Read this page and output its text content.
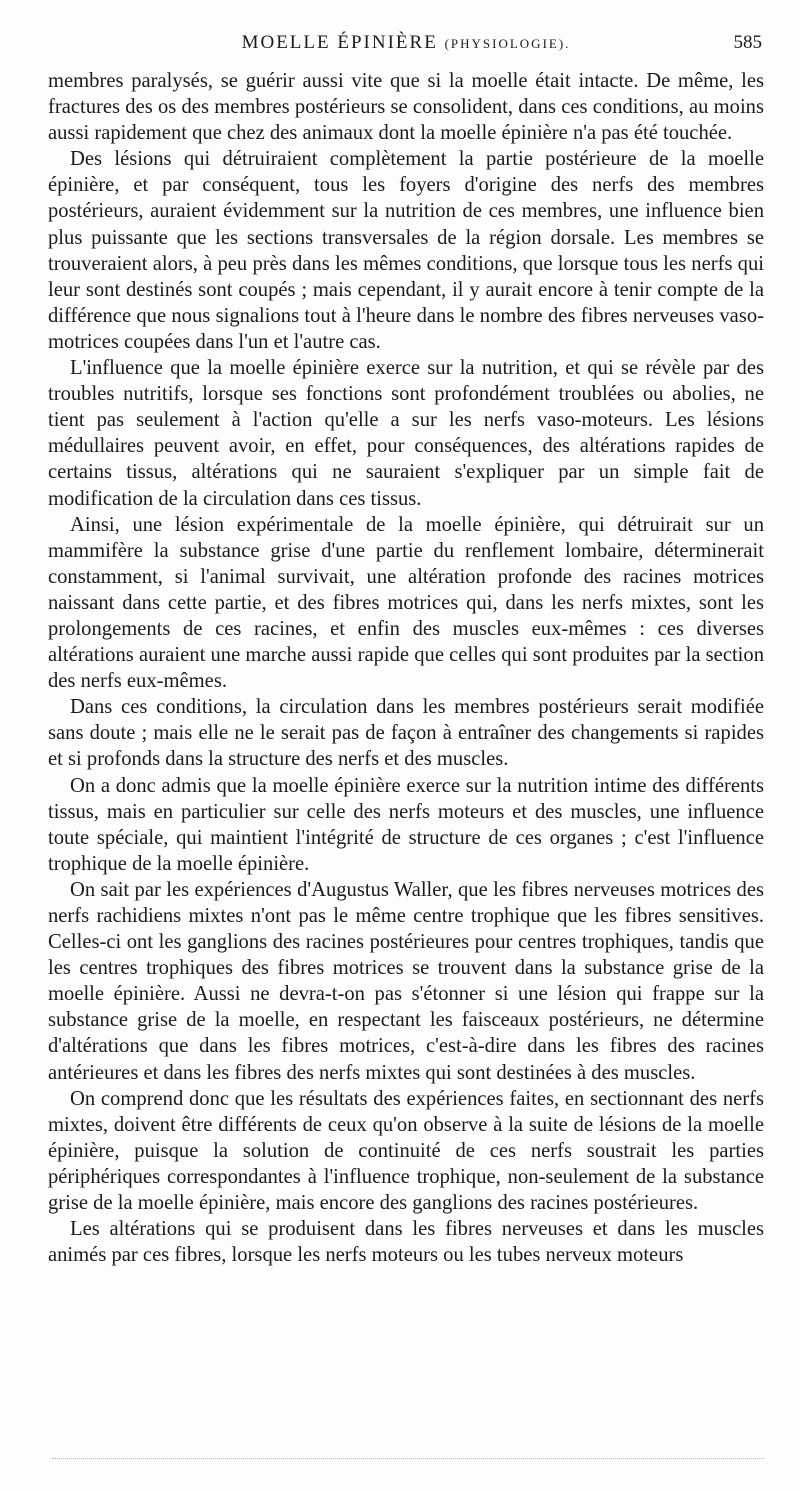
MOELLE ÉPINIÈRE (PHYSIOLOGIE).	585

membres paralysés, se guérir aussi vite que si la moelle était intacte. De même, les fractures des os des membres postérieurs se consolident, dans ces conditions, au moins aussi rapidement que chez des animaux dont la moelle épinière n'a pas été touchée.

Des lésions qui détruiraient complètement la partie postérieure de la moelle épinière, et par conséquent, tous les foyers d'origine des nerfs des membres postérieurs, auraient évidemment sur la nutrition de ces membres, une influence bien plus puissante que les sections transversales de la région dorsale. Les membres se trouveraient alors, à peu près dans les mêmes conditions, que lorsque tous les nerfs qui leur sont destinés sont coupés ; mais cependant, il y aurait encore à tenir compte de la différence que nous signalions tout à l'heure dans le nombre des fibres nerveuses vaso-motrices coupées dans l'un et l'autre cas.

L'influence que la moelle épinière exerce sur la nutrition, et qui se révèle par des troubles nutritifs, lorsque ses fonctions sont profondément troublées ou abolies, ne tient pas seulement à l'action qu'elle a sur les nerfs vaso-moteurs. Les lésions médullaires peuvent avoir, en effet, pour conséquences, des altérations rapides de certains tissus, altérations qui ne sauraient s'expliquer par un simple fait de modification de la circulation dans ces tissus.

Ainsi, une lésion expérimentale de la moelle épinière, qui détruirait sur un mammifère la substance grise d'une partie du renflement lombaire, déterminerait constamment, si l'animal survivait, une altération profonde des racines motrices naissant dans cette partie, et des fibres motrices qui, dans les nerfs mixtes, sont les prolongements de ces racines, et enfin des muscles eux-mêmes : ces diverses altérations auraient une marche aussi rapide que celles qui sont produites par la section des nerfs eux-mêmes.

Dans ces conditions, la circulation dans les membres postérieurs serait modifiée sans doute ; mais elle ne le serait pas de façon à entraîner des changements si rapides et si profonds dans la structure des nerfs et des muscles.

On a donc admis que la moelle épinière exerce sur la nutrition intime des différents tissus, mais en particulier sur celle des nerfs moteurs et des muscles, une influence toute spéciale, qui maintient l'intégrité de structure de ces organes ; c'est l'influence trophique de la moelle épinière.

On sait par les expériences d'Augustus Waller, que les fibres nerveuses motrices des nerfs rachidiens mixtes n'ont pas le même centre trophique que les fibres sensitives. Celles-ci ont les ganglions des racines postérieures pour centres trophiques, tandis que les centres trophiques des fibres motrices se trouvent dans la substance grise de la moelle épinière. Aussi ne devra-t-on pas s'étonner si une lésion qui frappe sur la substance grise de la moelle, en respectant les faisceaux postérieurs, ne détermine d'altérations que dans les fibres motrices, c'est-à-dire dans les fibres des racines antérieures et dans les fibres des nerfs mixtes qui sont destinées à des muscles.

On comprend donc que les résultats des expériences faites, en sectionnant des nerfs mixtes, doivent être différents de ceux qu'on observe à la suite de lésions de la moelle épinière, puisque la solution de continuité de ces nerfs soustrait les parties périphériques correspondantes à l'influence trophique, non-seulement de la substance grise de la moelle épinière, mais encore des ganglions des racines postérieures.

Les altérations qui se produisent dans les fibres nerveuses et dans les muscles animés par ces fibres, lorsque les nerfs moteurs ou les tubes nerveux moteurs
